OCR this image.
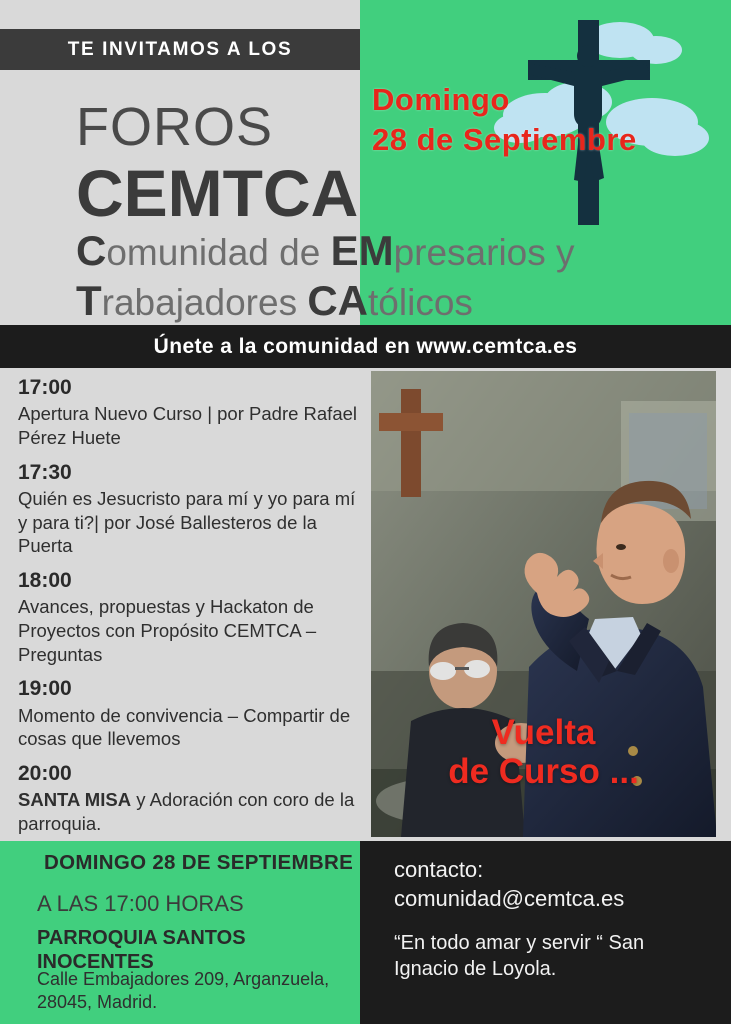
TE INVITAMOS A LOS
FOROS
CEMTCA
Comunidad de EMpresarios y
Trabajadores CAtólicos
Domingo
28 de Septiembre
Únete a la comunidad en www.cemtca.es
17:00
Apertura Nuevo Curso | por Padre Rafael Pérez Huete
17:30
Quién es Jesucristo para mí y yo para mí y para ti?| por José Ballesteros de la Puerta
18:00
Avances, propuestas y Hackaton de Proyectos con Propósito CEMTCA – Preguntas
19:00
Momento de convivencia – Compartir de cosas que llevemos
20:00
SANTA MISA y Adoración con coro de la parroquia.
Vuelta
de Curso ...
DOMINGO 28 DE SEPTIEMBRE
A LAS 17:00 HORAS
PARROQUIA SANTOS INOCENTES
Calle Embajadores 209, Arganzuela, 28045, Madrid.
contacto:
comunidad@cemtca.es
“En todo amar y servir “ San Ignacio de Loyola.
